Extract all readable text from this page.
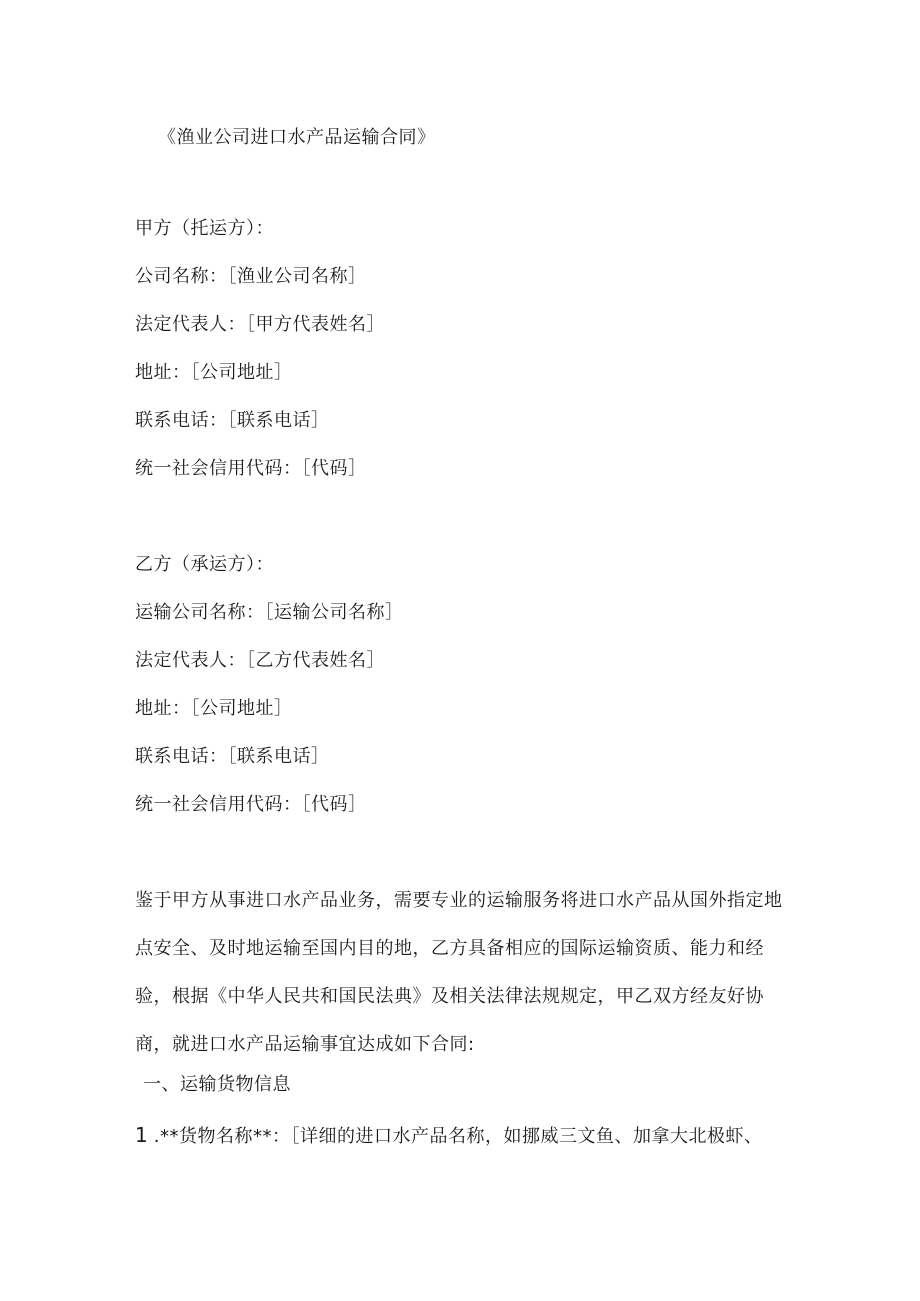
《渔业公司进口水产品运输合同》
甲方（托运方）：
公司名称：［渔业公司名称］
法定代表人：［甲方代表姓名］
地址：［公司地址］
联系电话：［联系电话］
统一社会信用代码：［代码］
乙方（承运方）：
运输公司名称：［运输公司名称］
法定代表人：［乙方代表姓名］
地址：［公司地址］
联系电话：［联系电话］
统一社会信用代码：［代码］
鉴于甲方从事进口水产品业务，需要专业的运输服务将进口水产品从国外指定地点安全、及时地运输至国内目的地，乙方具备相应的国际运输资质、能力和经验，根据《中华人民共和国民法典》及相关法律法规规定，甲乙双方经友好协商，就进口水产品运输事宜达成如下合同:
一、运输货物信息
1 .**货物名称**：［详细的进口水产品名称，如挪威三文鱼、加拿大北极虾、
